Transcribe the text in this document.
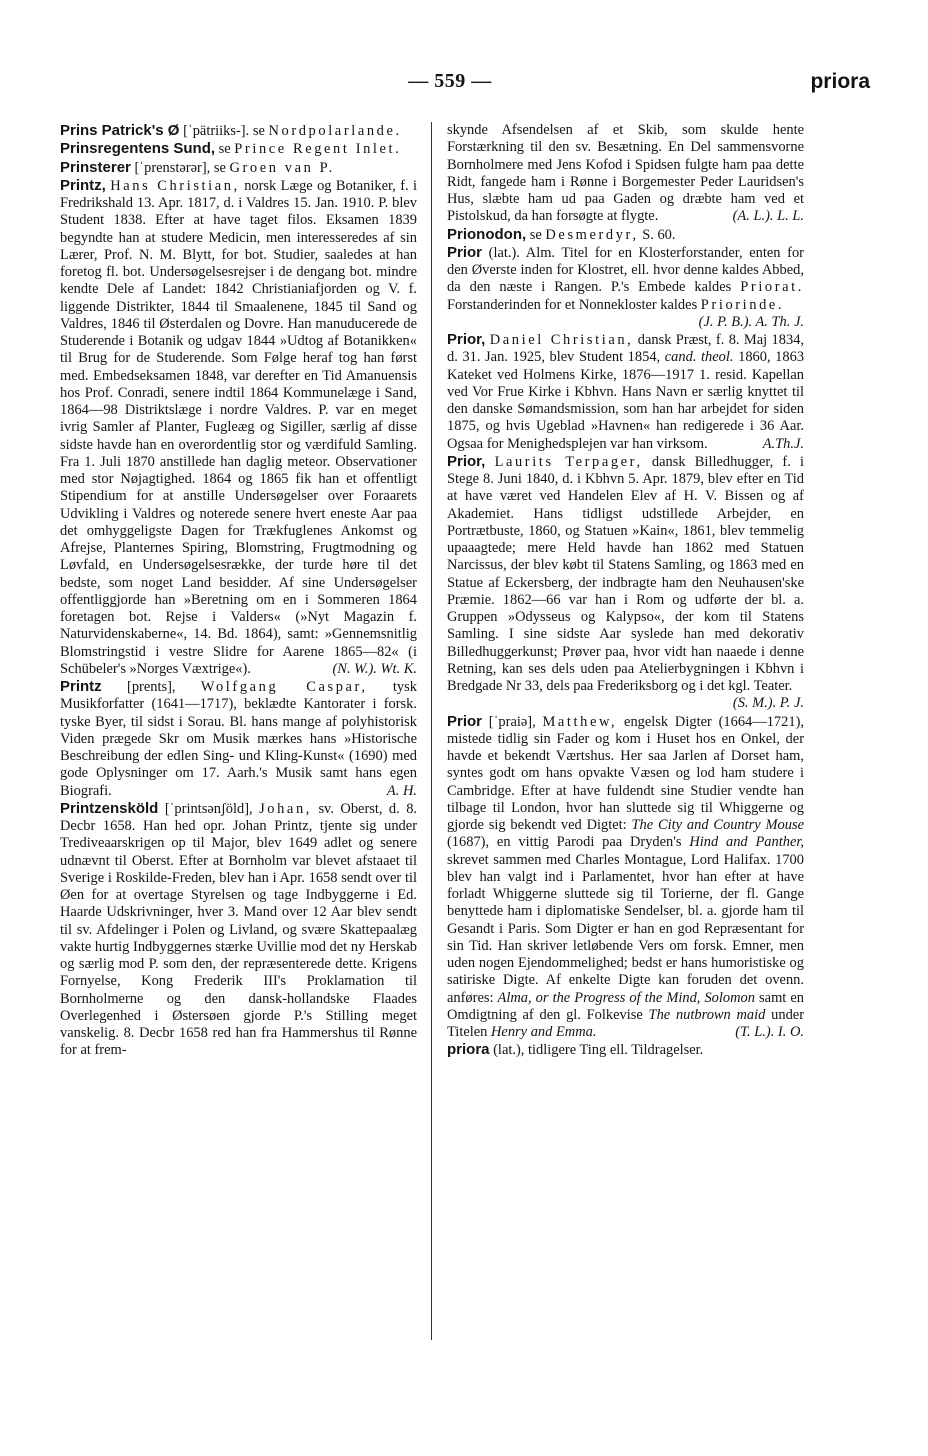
— 559 —	priora

Prins Patrick's Ø [ˈpätriiks-]. se Nordpolarlande.

Prinsregentens Sund, se Prince Regent Inlet.

Prinsterer [ˈprenstərər], se Groen van P.

Printz, Hans Christian, norsk Læge og Botaniker, f. i Fredrikshald 13. Apr. 1817, d. i Valdres 15. Jan. 1910. P. blev Student 1838. Efter at have taget filos. Eksamen 1839 begyndte han at studere Medicin, men interesseredes af sin Lærer, Prof. N. M. Blytt, for bot. Studier, saaledes at han foretog fl. bot. Undersøgelsesrejser i de dengang bot. mindre kendte Dele af Landet: 1842 Christianiafjorden og V. f. liggende Distrikter, 1844 til Smaalenene, 1845 til Sand og Valdres, 1846 til Østerdalen og Dovre. Han manuducerede de Studerende i Botanik og udgav 1844 »Udtog af Botanikken« til Brug for de Studerende. Som Følge heraf tog han først med. Embedseksamen 1848, var derefter en Tid Amanuensis hos Prof. Conradi, senere indtil 1864 Kommunelæge i Sand, 1864—98 Distriktslæge i nordre Valdres. P. var en meget ivrig Samler af Planter, Fugleæg og Sigiller, særlig af disse sidste havde han en overordentlig stor og værdifuld Samling. Fra 1. Juli 1870 anstillede han daglig meteor. Observationer med stor Nøjagtighed. 1864 og 1865 fik han et offentligt Stipendium for at anstille Undersøgelser over Foraarets Udvikling i Valdres og noterede senere hvert eneste Aar paa det omhyggeligste Dagen for Trækfuglenes Ankomst og Afrejse, Planternes Spiring, Blomstring, Frugtmodning og Løvfald, en Undersøgelsesrække, der turde høre til det bedste, som noget Land besidder. Af sine Undersøgelser offentliggjorde han »Beretning om en i Sommeren 1864 foretagen bot. Rejse i Valders« (»Nyt Magazin f. Naturvidenskaberne«, 14. Bd. 1864), samt: »Gennemsnitlig Blomstringstid i vestre Slidre for Aarene 1865—82« (i Schübeler's »Norges Væxtrige«).	(N. W.). Wt. K.

Printz [prents], Wolfgang Caspar, tysk Musikforfatter (1641—1717), beklædte Kantorater i forsk. tyske Byer, til sidst i Sorau. Bl. hans mange af polyhistorisk Viden prægede Skr om Musik mærkes hans »Historische Beschreibung der edlen Sing- und Kling-Kunst« (1690) med gode Oplysninger om 17. Aarh.'s Musik samt hans egen Biografi.	A. H.

Printzensköld [ˈprintsənʃöld], Johan, sv. Oberst, d. 8. Decbr 1658. Han hed opr. Johan Printz, tjente sig under Trediveaarskrigen op til Major, blev 1649 adlet og senere udnævnt til Oberst. Efter at Bornholm var blevet afstaaet til Sverige i Roskilde-Freden, blev han i Apr. 1658 sendt over til Øen for at overtage Styrelsen og tage Indbyggerne i Ed. Haarde Udskrivninger, hver 3. Mand over 12 Aar blev sendt til sv. Afdelinger i Polen og Livland, og svære Skattepaalæg vakte hurtig Indbyggernes stærke Uvillie mod det ny Herskab og særlig mod P. som den, der repræsenterede dette. Krigens Fornyelse, Kong Frederik III's Proklamation til Bornholmerne og den dansk-hollandske Flaades Overlegenhed i Østersøen gjorde P.'s Stilling meget vanskelig. 8. Decbr 1658 red han fra Hammershus til Rønne for at frem-

skynde Afsendelsen af et Skib, som skulde hente Forstærkning til den sv. Besætning. En Del sammensvorne Bornholmere med Jens Kofod i Spidsen fulgte ham paa dette Ridt, fangede ham i Rønne i Borgemester Peder Lauridsen's Hus, slæbte ham ud paa Gaden og dræbte ham ved et Pistolskud, da han forsøgte at flygte.	(A. L.). L. L.

Prionodon, se Desmerdyr, S. 60.

Prior (lat.). Alm. Titel for en Klosterforstander, enten for den Øverste inden for Klostret, ell. hvor denne kaldes Abbed, da den næste i Rangen. P.'s Embede kaldes Priorat. Forstanderinden for et Nonnekloster kaldes Priorinde.
(J. P. B.). A. Th. J.

Prior, Daniel Christian, dansk Præst, f. 8. Maj 1834, d. 31. Jan. 1925, blev Student 1854, cand. theol. 1860, 1863 Kateket ved Holmens Kirke, 1876—1917 1. resid. Kapellan ved Vor Frue Kirke i Kbhvn. Hans Navn er særlig knyttet til den danske Sømandsmission, som han har arbejdet for siden 1875, og hvis Ugeblad »Havnen« han redigerede i 36 Aar. Ogsaa for Menighedsplejen var han virksom.	A.Th.J.

Prior, Laurits Terpager, dansk Billedhugger, f. i Stege 8. Juni 1840, d. i Kbhvn 5. Apr. 1879, blev efter en Tid at have været ved Handelen Elev af H. V. Bissen og af Akademiet. Hans tidligst udstillede Arbejder, en Portrætbuste, 1860, og Statuen »Kain«, 1861, blev temmelig upaaagtede; mere Held havde han 1862 med Statuen Narcissus, der blev købt til Statens Samling, og 1863 med en Statue af Eckersberg, der indbragte ham den Neuhausen'ske Præmie. 1862—66 var han i Rom og udførte der bl. a. Gruppen »Odysseus og Kalypso«, der kom til Statens Samling. I sine sidste Aar syslede han med dekorativ Billedhuggerkunst; Prøver paa, hvor vidt han naaede i denne Retning, kan ses dels uden paa Atelierbygningen i Kbhvn i Bredgade Nr 33, dels paa Frederiksborg og i det kgl. Teater.
(S. M.). P. J.

Prior [ˈpraiə], Matthew, engelsk Digter (1664—1721), mistede tidlig sin Fader og kom i Huset hos en Onkel, der havde et bekendt Værtshus. Her saa Jarlen af Dorset ham, syntes godt om hans opvakte Væsen og lod ham studere i Cambridge. Efter at have fuldendt sine Studier vendte han tilbage til London, hvor han sluttede sig til Whiggerne og gjorde sig bekendt ved Digtet: The City and Country Mouse (1687), en vittig Parodi paa Dryden's Hind and Panther, skrevet sammen med Charles Montague, Lord Halifax. 1700 blev han valgt ind i Parlamentet, hvor han efter at have forladt Whiggerne sluttede sig til Torierne, der fl. Gange benyttede ham i diplomatiske Sendelser, bl. a. gjorde ham til Gesandt i Paris. Som Digter er han en god Repræsentant for sin Tid. Han skriver letløbende Vers om forsk. Emner, men uden nogen Ejendommelighed; bedst er hans humoristiske og satiriske Digte. Af enkelte Digte kan foruden det ovenn. anføres: Alma, or the Progress of the Mind, Solomon samt en Omdigtning af den gl. Folkevise The nutbrown maid under Titelen Henry and Emma.	(T. L.). I. O.

priora (lat.), tidligere Ting ell. Tildragelser.
